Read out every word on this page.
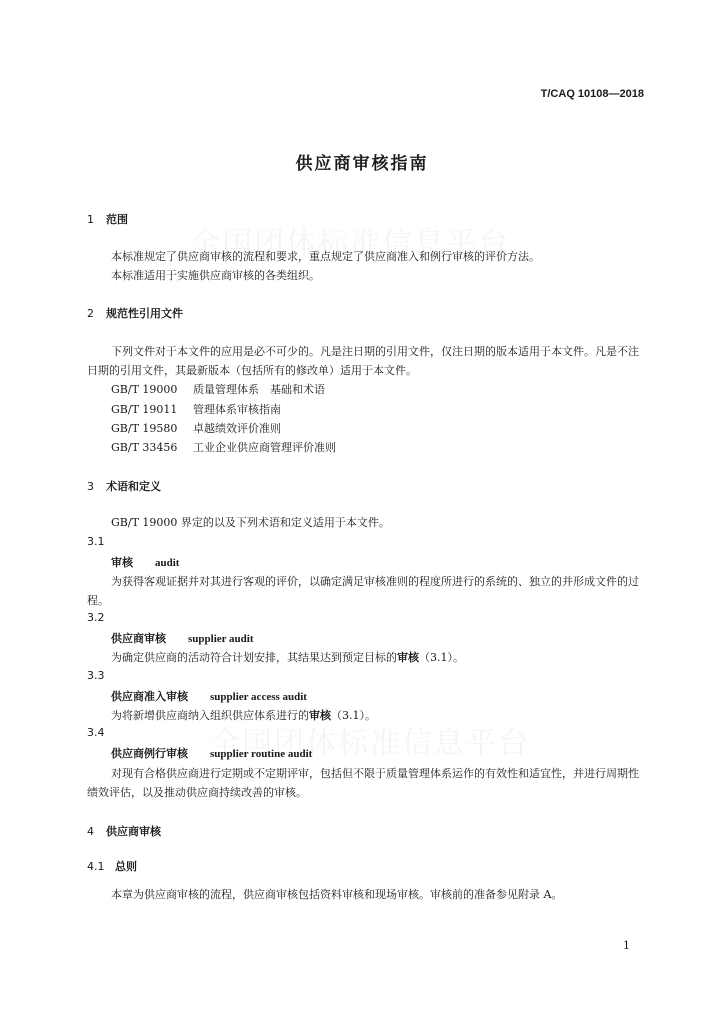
T/CAQ 10108—2018
供应商审核指南
1 范围
本标准规定了供应商审核的流程和要求，重点规定了供应商准入和例行审核的评价方法。
本标准适用于实施供应商审核的各类组织。
2 规范性引用文件
下列文件对于本文件的应用是必不可少的。凡是注日期的引用文件，仅注日期的版本适用于本文件。凡是不注日期的引用文件，其最新版本（包括所有的修改单）适用于本文件。
GB/T 19000 质量管理体系　基础和术语
GB/T 19011 管理体系审核指南
GB/T 19580 卓越绩效评价准则
GB/T 33456 工业企业供应商管理评价准则
3 术语和定义
GB/T 19000 界定的以及下列术语和定义适用于本文件。
3.1
审核 audit
为获得客观证据并对其进行客观的评价，以确定满足审核准则的程度所进行的系统的、独立的并形成文件的过程。
3.2
供应商审核 supplier audit
为确定供应商的活动符合计划安排，其结果达到预定目标的审核（3.1）。
3.3
供应商准入审核 supplier access audit
为将新增供应商纳入组织供应体系进行的审核（3.1）。
3.4
供应商例行审核 supplier routine audit
对现有合格供应商进行定期或不定期评审，包括但不限于质量管理体系运作的有效性和适宜性，并进行周期性绩效评估，以及推动供应商持续改善的审核。
4 供应商审核
4.1 总则
本章为供应商审核的流程，供应商审核包括资料审核和现场审核。审核前的准备参见附录 A。
1
